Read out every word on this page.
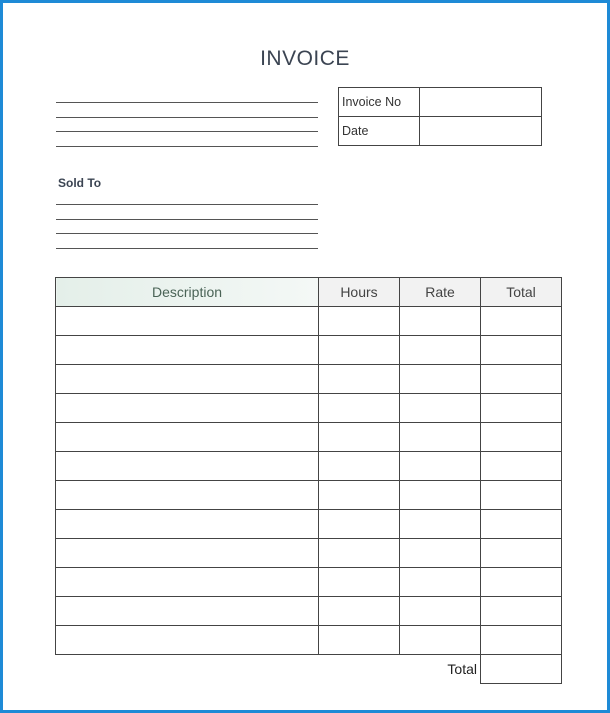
INVOICE
Invoice No	
Date	
Sold To
Description	Hours	Rate	Total

		Total	
